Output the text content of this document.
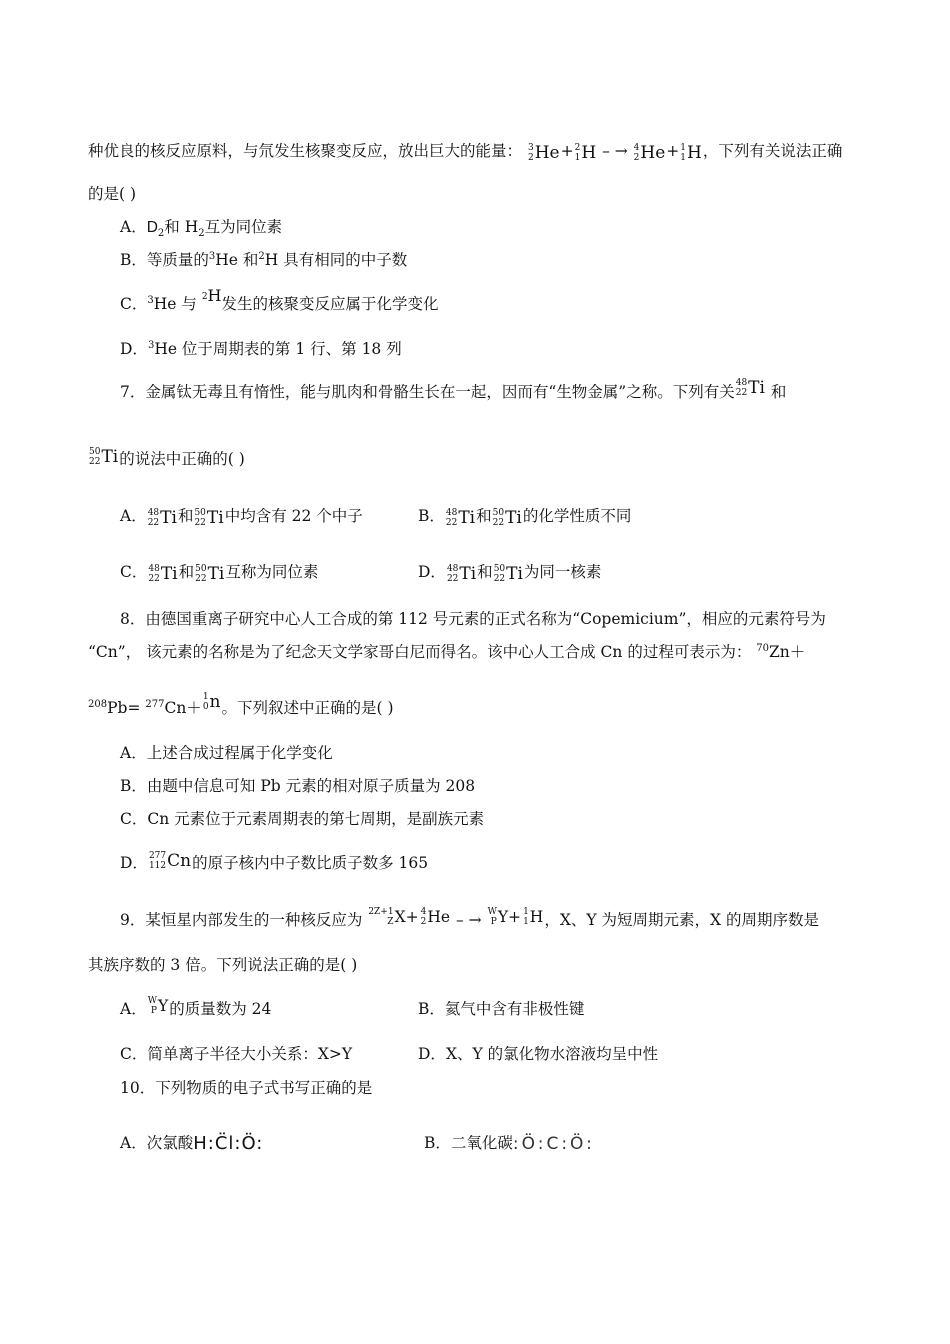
种优良的核反应原料，与氘发生核聚变反应，放出巨大的能量： 3
2 He+ 2
1 H – → 4
2 He+ 1
1 H，下列有关说法正确
的是( )
A．$D_2$和 $H_2$互为同位素
B．等质量的$^3$He 和$^2$H 具有相同的中子数
C．$^3$He 与 2H发生的核聚变反应属于化学变化
D．$^3$He 位于周期表的第 1 行、第 18 列
7．金属钛无毒且有惰性，能与肌肉和骨骼生长在一起，因而有“生物金属”之称。下列有关
48
22 Ti 和
50
22 Ti的说法中正确的( )
A． 48
22 Ti和 50
22 Ti中均含有 22 个中子	B． 48
22 Ti和 50
22 Ti的化学性质不同
C． 48
22 Ti和 50
22 Ti互称为同位素	D． 48
22 Ti和 50
22 Ti为同一核素
8．由德国重离子研究中心人工合成的第 112 号元素的正式名称为“Copemicium”，相应的元素符号为
“Cn”， 该元素的名称是为了纪念天文学家哥白尼而得名。该中心人工合成 Cn 的过程可表示为： $^{70}$Zn＋
$^{208}$Pb= $^{277}$Cn＋
1
0 n。下列叙述中正确的是( )
A．上述合成过程属于化学变化
B．由题中信息可知 Pb 元素的相对原子质量为 208
C．Cn 元素位于元素周期表的第七周期，是副族元素
D． 277
112 Cn的原子核内中子数比质子数多 165
9．某恒星内部发生的一种核反应为 2Z+1
Z X+ 4
2 He – → W
P Y+ 1
1 H，X、Y 为短周期元素，X 的周期序数是
其族序数的 3 倍。下列说法正确的是( )
A． W
P Y的质量数为 24	B．氦气中含有非极性键
C．简单离子半径大小关系：X>Y	D．X、Y 的氯化物水溶液均呈中性
10．下列物质的电子式书写正确的是
A．次氯酸H:C̈l:Ö:	B．二氧化碳:Ö:C:Ö:
